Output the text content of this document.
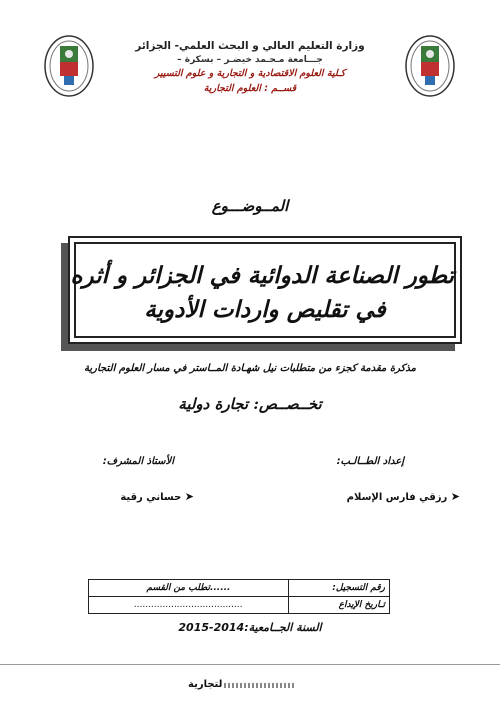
وزارة التعليم العالي و البحث العلمي- الجزائر
جـــامعة مـحـمد خيضـر – بسكرة –
كـلية العلوم الاقتصادية و التجارية و علوم التسيير
قســم : العلوم التجارية
المــوضـــوع
تطور الصناعة الدوائية في الجزائر و أثره
في تقليص واردات الأدوية
مذكرة مقدمة كجزء من متطلبات نيل شهـادة المــاستر في مسار العلوم التجارية
تخــصــص: تجارة دولية
إعداد الطــالـب:
الأستاذ المشرف:
➤ رزقي فارس الإسلام
➤ حساني رقية
رقم التسجيل:	......تطلب من القسم
تـاريخ الإيداع	......................................
السنة الجــامعية:2014-2015
لتجارية
